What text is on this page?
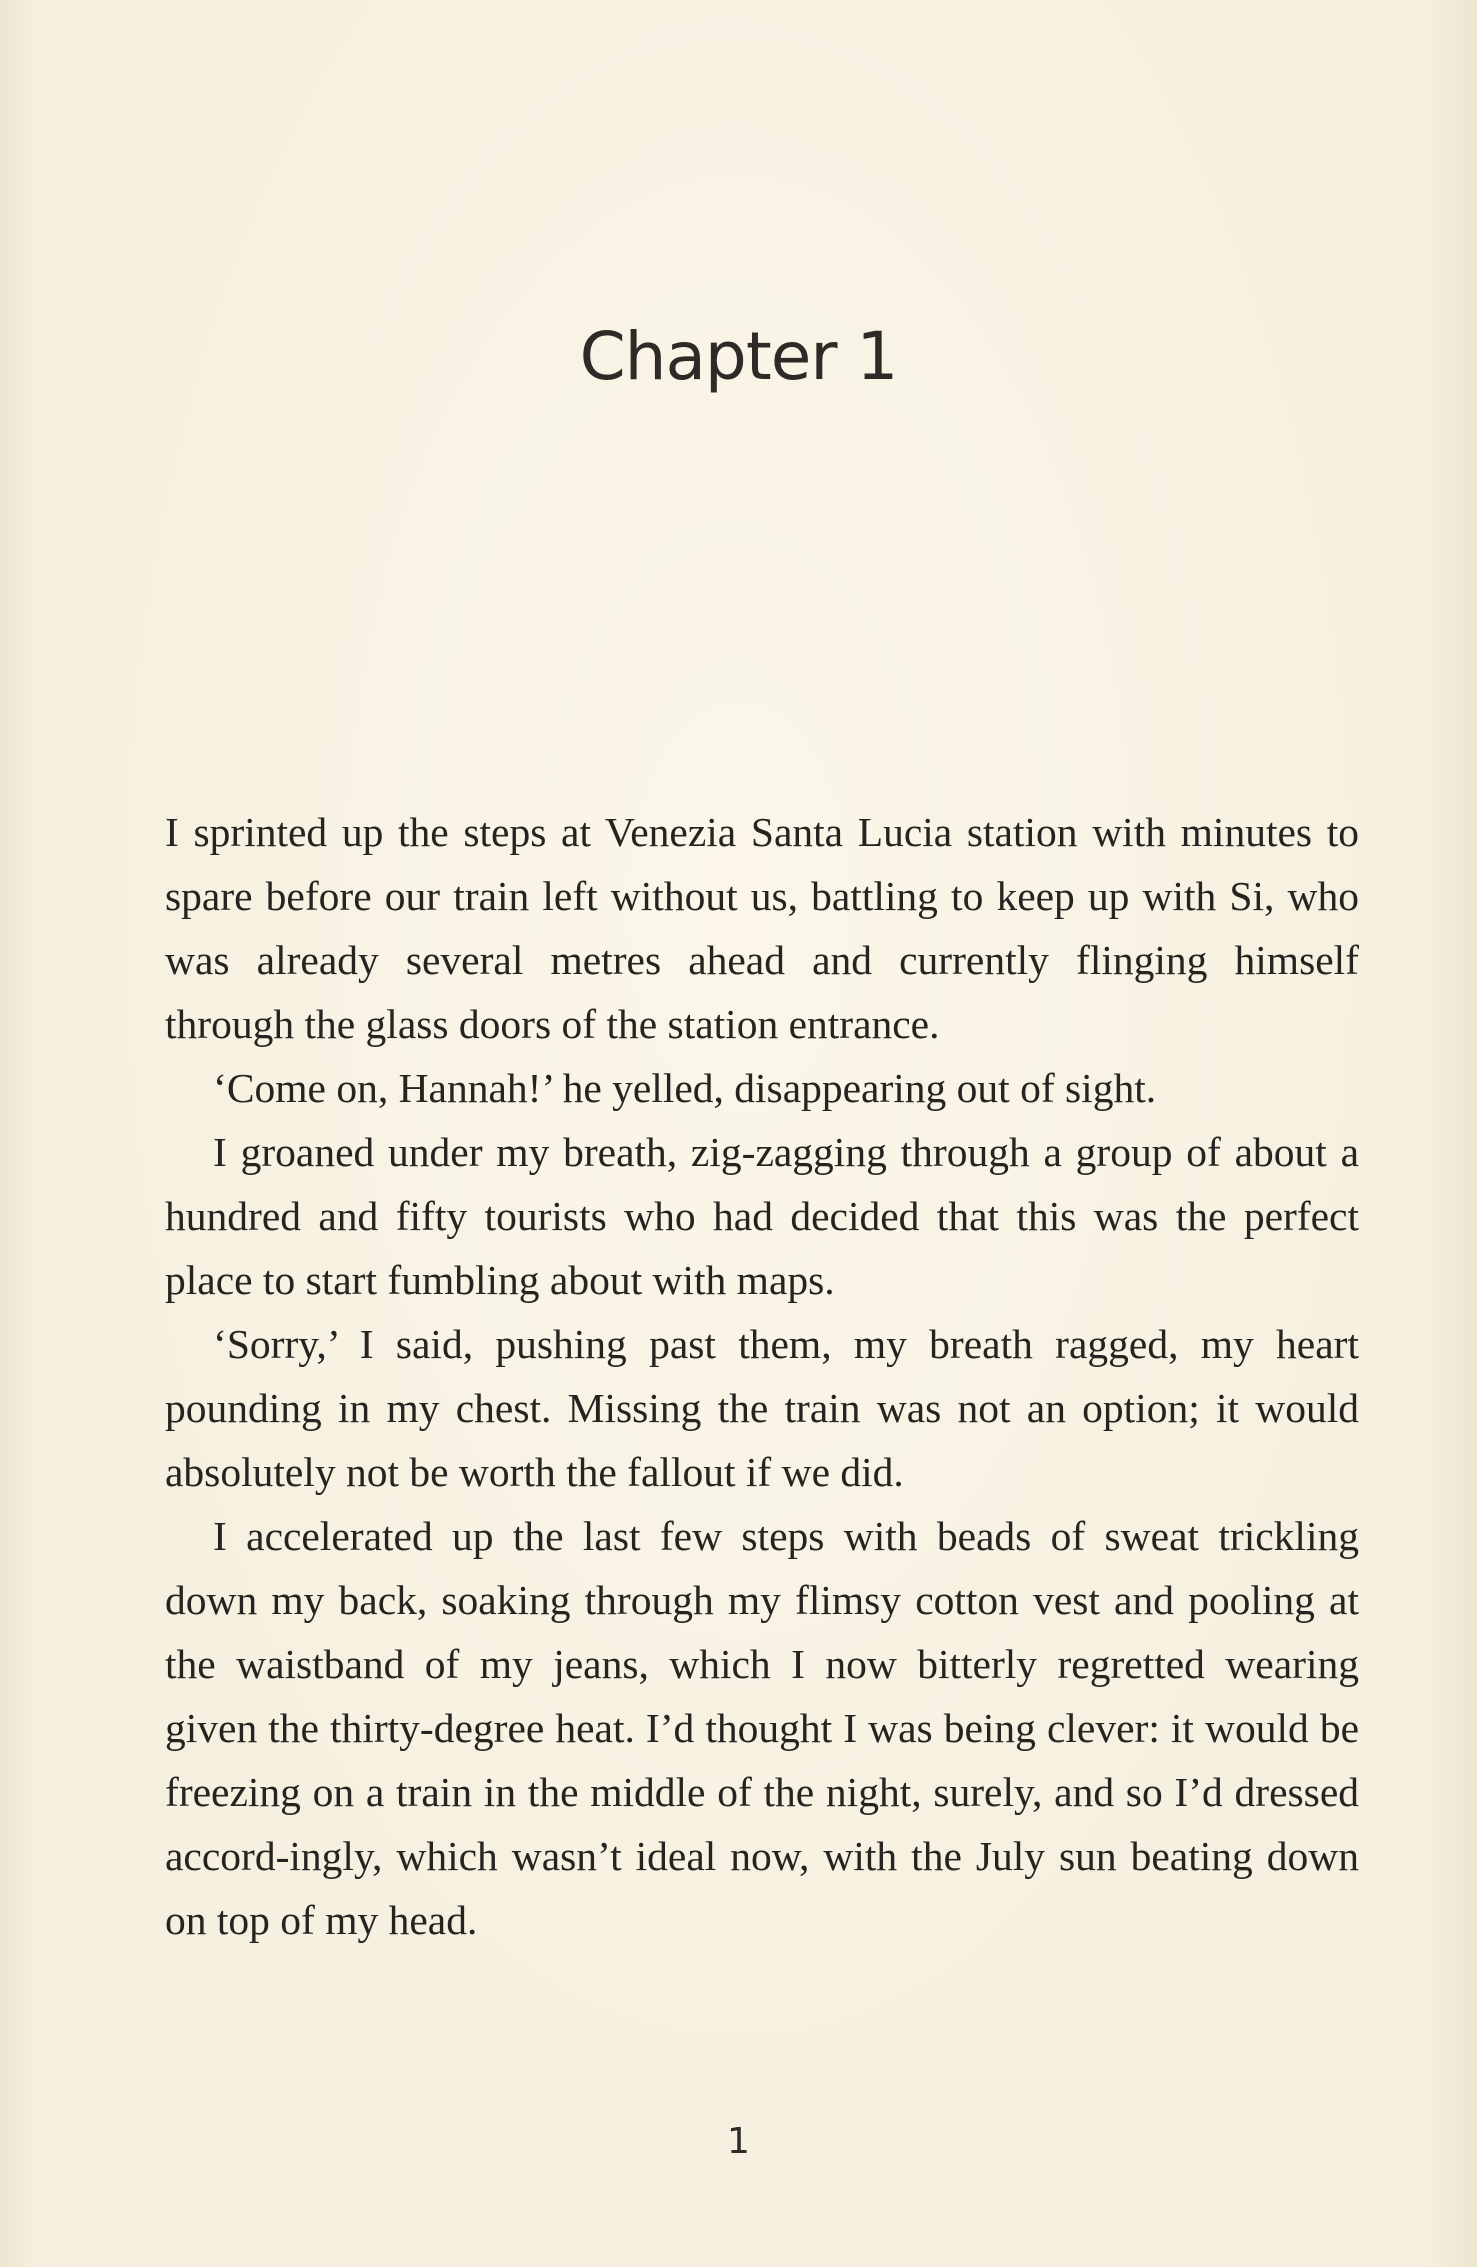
Chapter 1

I sprinted up the steps at Venezia Santa Lucia station with minutes to spare before our train left without us, battling to keep up with Si, who was already several metres ahead and currently flinging himself through the glass doors of the station entrance.

‘Come on, Hannah!’ he yelled, disappearing out of sight.

I groaned under my breath, zig-zagging through a group of about a hundred and fifty tourists who had decided that this was the perfect place to start fumbling about with maps.

‘Sorry,’ I said, pushing past them, my breath ragged, my heart pounding in my chest. Missing the train was not an option; it would absolutely not be worth the fallout if we did.

I accelerated up the last few steps with beads of sweat trickling down my back, soaking through my flimsy cotton vest and pooling at the waistband of my jeans, which I now bitterly regretted wearing given the thirty-degree heat. I’d thought I was being clever: it would be freezing on a train in the middle of the night, surely, and so I’d dressed accord-ingly, which wasn’t ideal now, with the July sun beating down on top of my head.

1
